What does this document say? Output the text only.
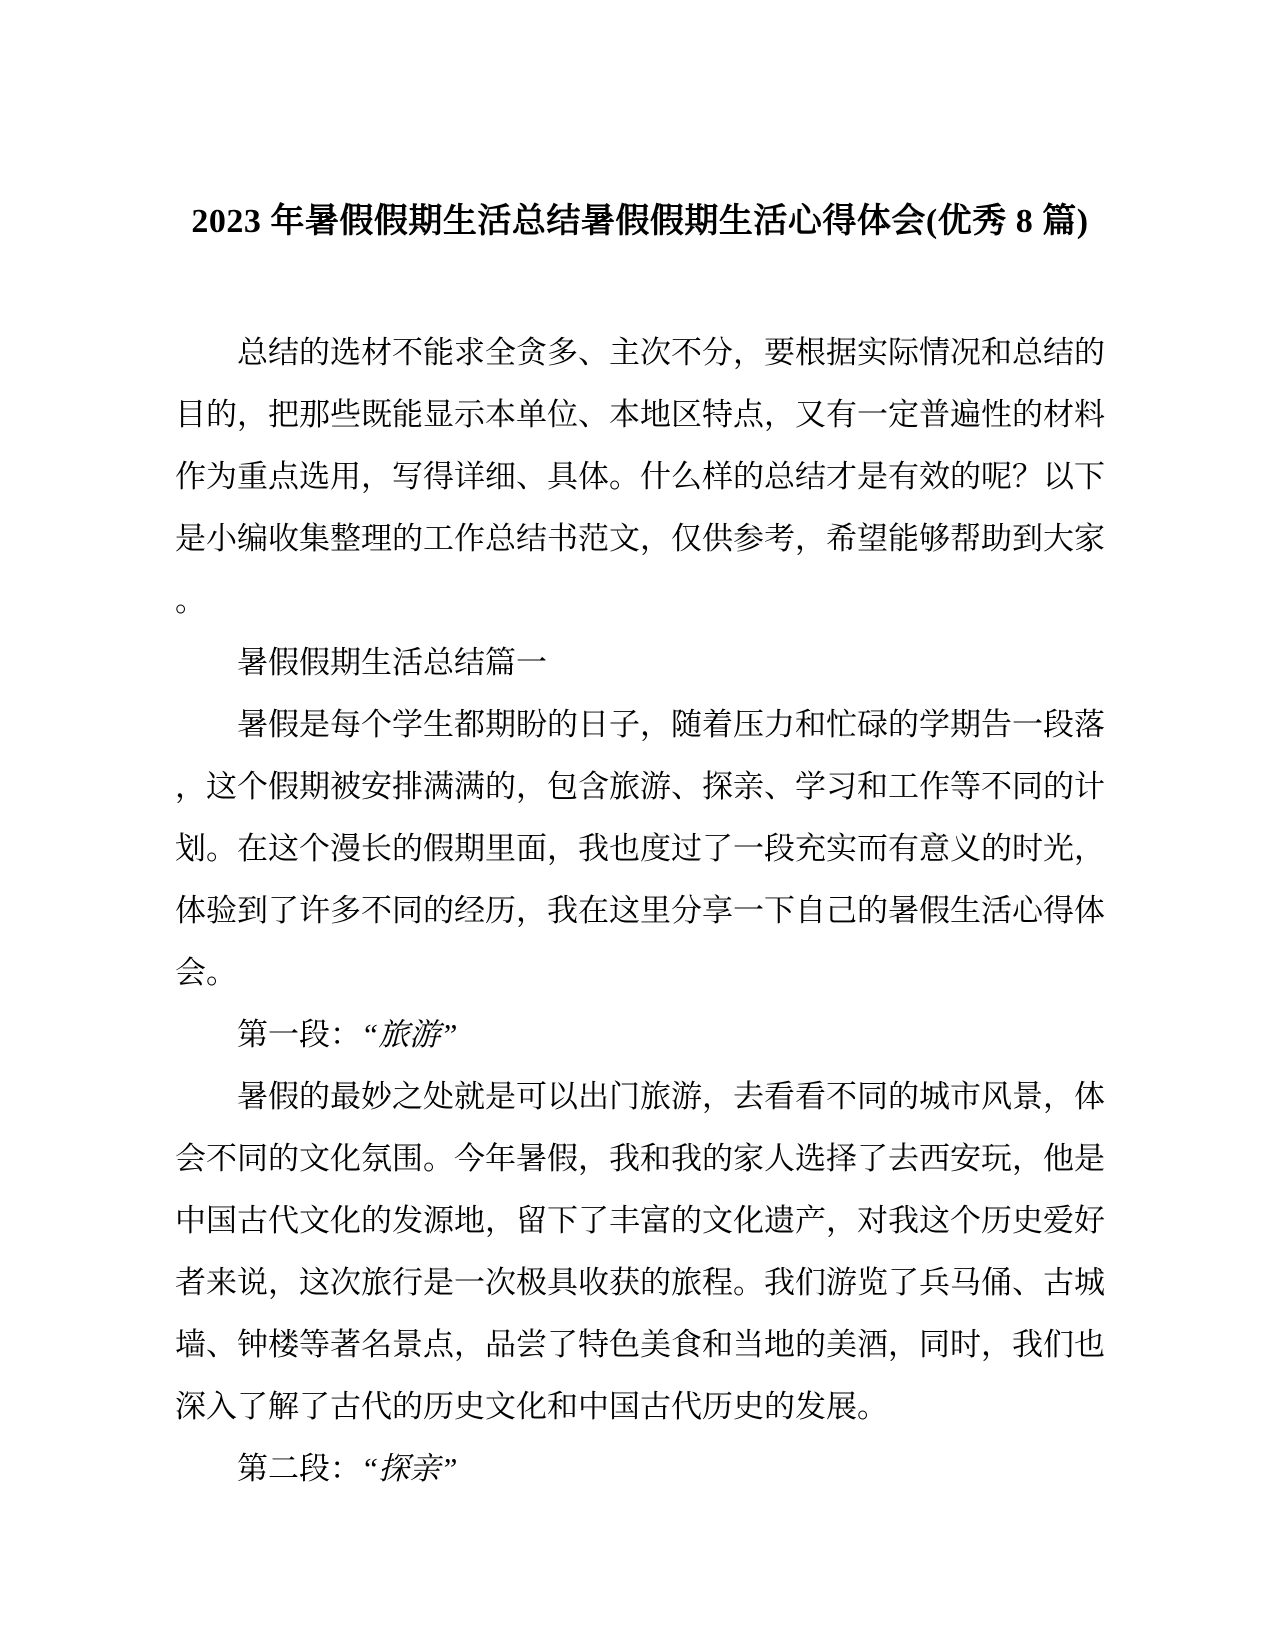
2023 年暑假假期生活总结暑假假期生活心得体会(优秀 8 篇)
总结的选材不能求全贪多、主次不分，要根据实际情况和总结的
目的，把那些既能显示本单位、本地区特点，又有一定普遍性的材料
作为重点选用，写得详细、具体。什么样的总结才是有效的呢？以下
是小编收集整理的工作总结书范文，仅供参考，希望能够帮助到大家
。
暑假假期生活总结篇一
暑假是每个学生都期盼的日子，随着压力和忙碌的学期告一段落
，这个假期被安排满满的，包含旅游、探亲、学习和工作等不同的计
划。在这个漫长的假期里面，我也度过了一段充实而有意义的时光，
体验到了许多不同的经历，我在这里分享一下自己的暑假生活心得体
会。
第一段：“旅游”
暑假的最妙之处就是可以出门旅游，去看看不同的城市风景，体
会不同的文化氛围。今年暑假，我和我的家人选择了去西安玩，他是
中国古代文化的发源地，留下了丰富的文化遗产，对我这个历史爱好
者来说，这次旅行是一次极具收获的旅程。我们游览了兵马俑、古城
墙、钟楼等著名景点，品尝了特色美食和当地的美酒，同时，我们也
深入了解了古代的历史文化和中国古代历史的发展。
第二段：“探亲”
